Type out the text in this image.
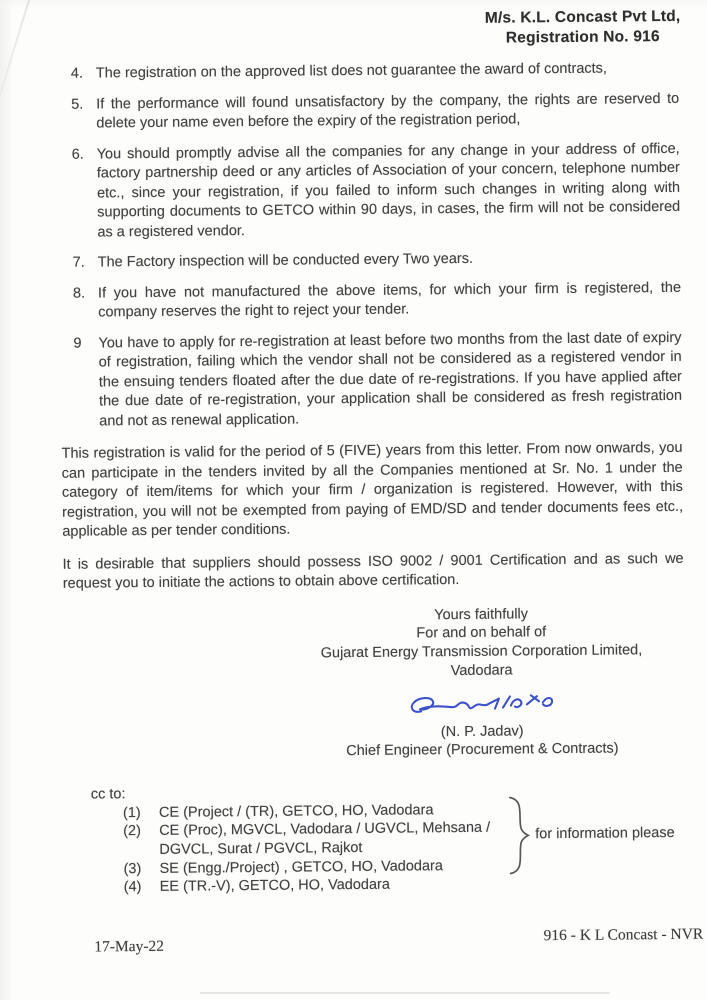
M/s. K.L. Concast Pvt Ltd,
Registration No. 916
4. The registration on the approved list does not guarantee the award of contracts,
5. If the performance will found unsatisfactory by the company, the rights are reserved to delete your name even before the expiry of the registration period,
6. You should promptly advise all the companies for any change in your address of office, factory partnership deed or any articles of Association of your concern, telephone number etc., since your registration, if you failed to inform such changes in writing along with supporting documents to GETCO within 90 days, in cases, the firm will not be considered as a registered vendor.
7. The Factory inspection will be conducted every Two years.
8. If you have not manufactured the above items, for which your firm is registered, the company reserves the right to reject your tender.
9	You have to apply for re-registration at least before two months from the last date of expiry of registration, failing which the vendor shall not be considered as a registered vendor in the ensuing tenders floated after the due date of re-registrations. If you have applied after the due date of re-registration, your application shall be considered as fresh registration and not as renewal application.
This registration is valid for the period of 5 (FIVE) years from this letter. From now onwards, you can participate in the tenders invited by all the Companies mentioned at Sr. No. 1 under the category of item/items for which your firm / organization is registered. However, with this registration, you will not be exempted from paying of EMD/SD and tender documents fees etc., applicable as per tender conditions.
It is desirable that suppliers should possess ISO 9002 / 9001 Certification and as such we request you to initiate the actions to obtain above certification.
Yours faithfully
For and on behalf of
Gujarat Energy Transmission Corporation Limited,
Vadodara
(N. P. Jadav)
Chief Engineer (Procurement & Contracts)
cc to:
(1)	CE (Project / (TR), GETCO, HO, Vadodara
(2)	CE (Proc), MGVCL, Vadodara / UGVCL, Mehsana / DGVCL, Surat / PGVCL, Rajkot
(3)	SE (Engg./Project) , GETCO, HO, Vadodara
(4)	EE (TR.-V), GETCO, HO, Vadodara
for information please
17-May-22
916 - K L Concast - NVR
